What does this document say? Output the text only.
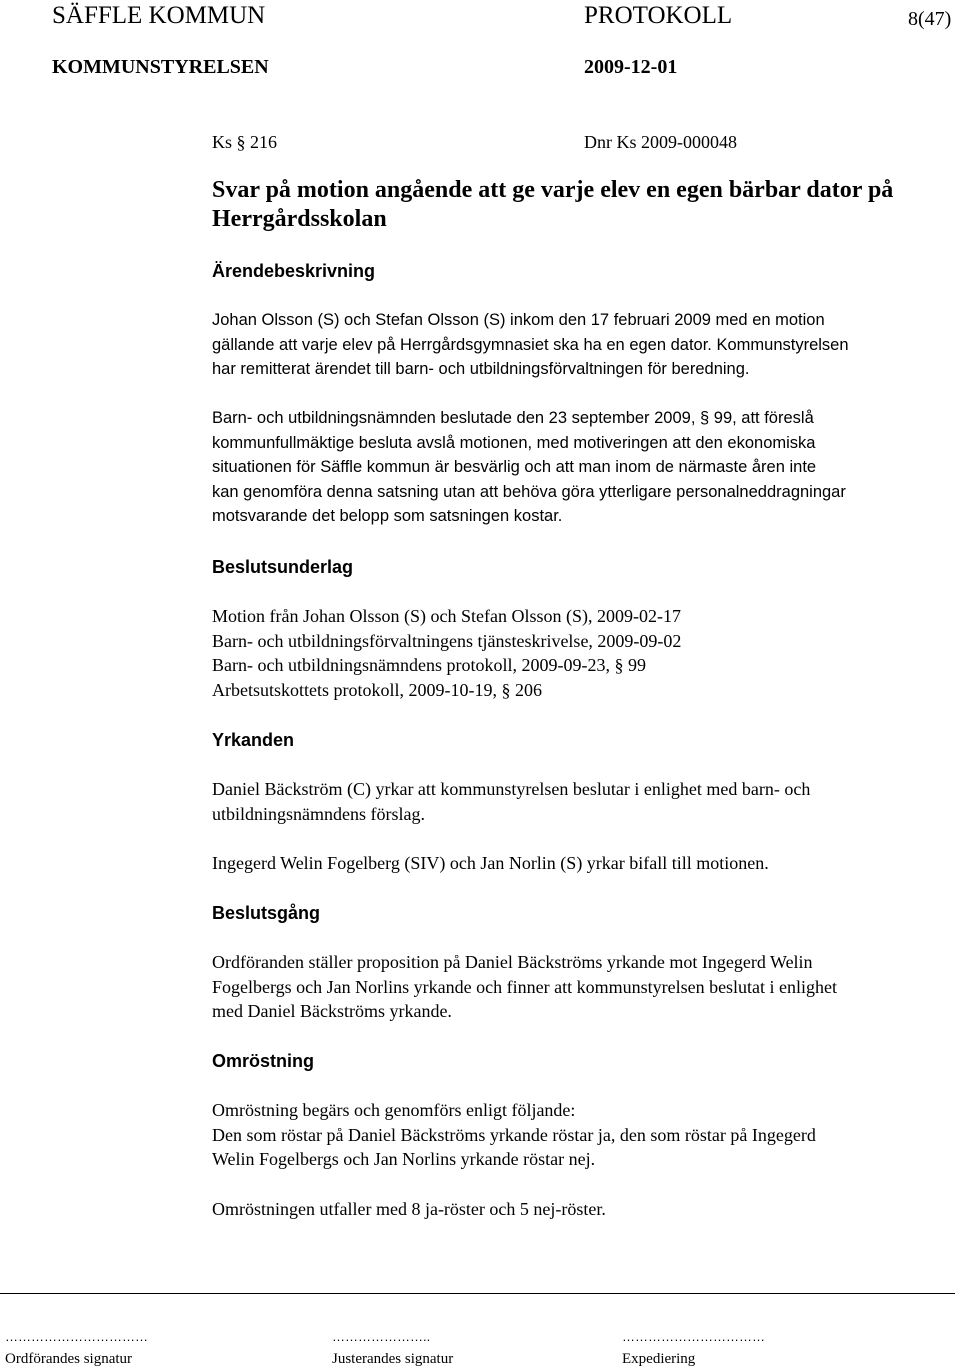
SÄFFLE KOMMUN	PROTOKOLL	8(47)
KOMMUNSTYRELSEN	2009-12-01
Ks § 216	Dnr Ks 2009-000048
Svar på motion angående att ge varje elev en egen bärbar dator på
Herrgårdsskolan
Ärendebeskrivning
Johan Olsson (S) och Stefan Olsson (S) inkom den 17 februari 2009 med en motion
gällande att varje elev på Herrgårdsgymnasiet ska ha en egen dator. Kommunstyrelsen
har remitterat ärendet till barn- och utbildningsförvaltningen för beredning.
Barn- och utbildningsnämnden beslutade den 23 september 2009, § 99, att föreslå
kommunfullmäktige besluta avslå motionen, med motiveringen att den ekonomiska
situationen för Säffle kommun är besvärlig och att man inom de närmaste åren inte
kan genomföra denna satsning utan att behöva göra ytterligare personalneddragningar
motsvarande det belopp som satsningen kostar.
Beslutsunderlag
Motion från Johan Olsson (S) och Stefan Olsson (S), 2009-02-17
Barn- och utbildningsförvaltningens tjänsteskrivelse, 2009-09-02
Barn- och utbildningsnämndens protokoll, 2009-09-23, § 99
Arbetsutskottets protokoll, 2009-10-19, § 206
Yrkanden
Daniel Bäckström (C) yrkar att kommunstyrelsen beslutar i enlighet med barn- och
utbildningsnämndens förslag.
Ingegerd Welin Fogelberg (SIV) och Jan Norlin (S) yrkar bifall till motionen.
Beslutsgång
Ordföranden ställer proposition på Daniel Bäckströms yrkande mot Ingegerd Welin
Fogelbergs och Jan Norlins yrkande och finner att kommunstyrelsen beslutat i enlighet
med Daniel Bäckströms yrkande.
Omröstning
Omröstning begärs och genomförs enligt följande:
Den som röstar på Daniel Bäckströms yrkande röstar ja, den som röstar på Ingegerd
Welin Fogelbergs och Jan Norlins yrkande röstar nej.
Omröstningen utfaller med 8 ja-röster och 5 nej-röster.
……………………………
Ordförandes signatur
…………………..
Justerandes signatur
……………………………
Expediering
